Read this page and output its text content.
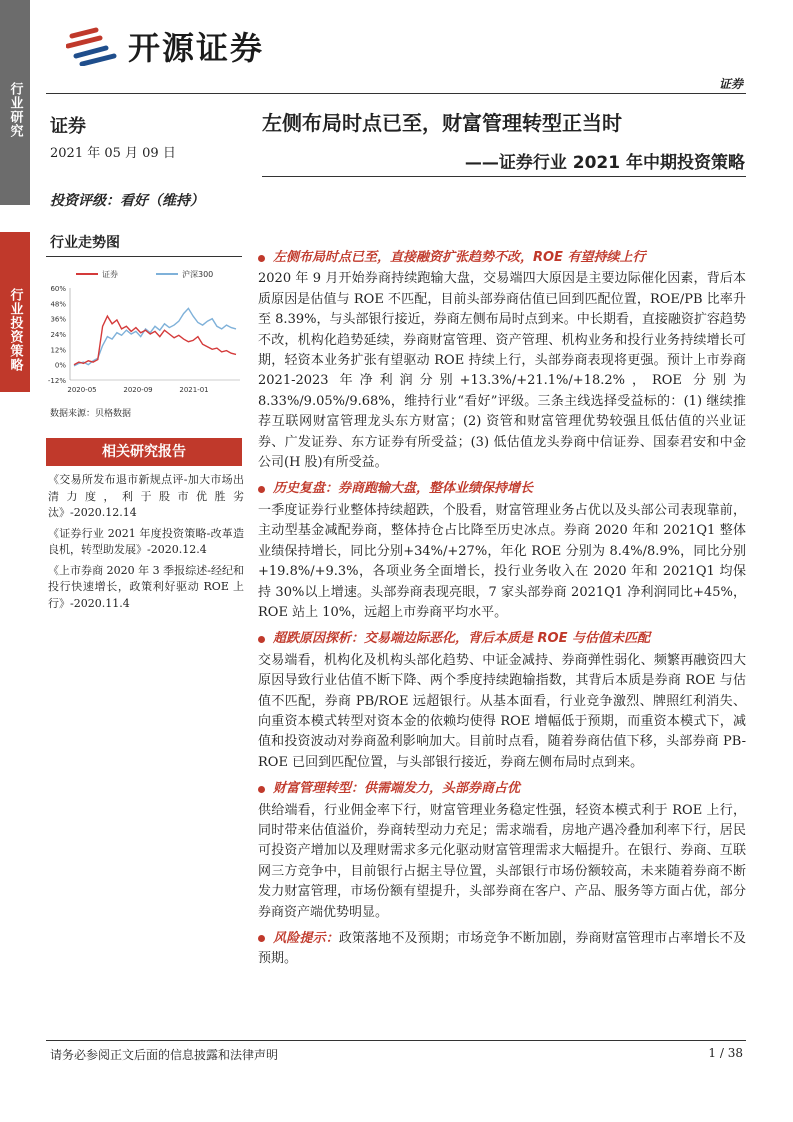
行业研究
行业投资策略
开源证券
证券
证券
2021 年 05 月 09 日
左侧布局时点已至，财富管理转型正当时
——证券行业 2021 年中期投资策略
投资评级：看好（维持）
行业走势图
证券	沪深300
60%
48%
36%
24%
12%
0%
-12%
2020-05	2020-09	2021-01
数据来源：贝格数据
相关研究报告
《交易所发布退市新规点评-加大市场出清力度，利于股市优胜劣汰》-2020.12.14
《证券行业 2021 年度投资策略-改革造良机，转型助发展》-2020.12.4
《上市券商 2020 年 3 季报综述-经纪和投行快速增长，政策利好驱动 ROE 上行》-2020.11.4
左侧布局时点已至，直接融资扩张趋势不改，ROE 有望持续上行

2020 年 9 月开始券商持续跑输大盘，交易端四大原因是主要边际催化因素，背后本质原因是估值与 ROE 不匹配，目前头部券商估值已回到匹配位置，ROE/PB 比率升至 8.39%，与头部银行接近，券商左侧布局时点到来。中长期看，直接融资扩容趋势不改，机构化趋势延续，券商财富管理、资产管理、机构业务和投行业务持续增长可期，轻资本业务扩张有望驱动 ROE 持续上行，头部券商表现将更强。预计上市券商 2021-2023 年净利润分别+13.3%/+21.1%/+18.2%，ROE 分别为 8.33%/9.05%/9.68%，维持行业“看好”评级。三条主线选择受益标的：(1) 继续推荐互联网财富管理龙头东方财富；(2) 资管和财富管理优势较强且低估值的兴业证券、广发证券、东方证券有所受益；(3) 低估值龙头券商中信证券、国泰君安和中金公司(H 股)有所受益。

历史复盘：券商跑输大盘，整体业绩保持增长

一季度证券行业整体持续超跌，个股看，财富管理业务占优以及头部公司表现靠前，主动型基金减配券商，整体持仓占比降至历史冰点。券商 2020 年和 2021Q1 整体业绩保持增长，同比分别+34%/+27%，年化 ROE 分别为 8.4%/8.9%，同比分别+19.8%/+9.3%，各项业务全面增长，投行业务收入在 2020 年和 2021Q1 均保持 30%以上增速。头部券商表现亮眼，7 家头部券商 2021Q1 净利润同比+45%，ROE 站上 10%，远超上市券商平均水平。

超跌原因探析：交易端边际恶化，背后本质是 ROE 与估值未匹配

交易端看，机构化及机构头部化趋势、中证金减持、券商弹性弱化、频繁再融资四大原因导致行业估值不断下降、两个季度持续跑输指数，其背后本质是券商 ROE 与估值不匹配，券商 PB/ROE 远超银行。从基本面看，行业竞争激烈、牌照红利消失、向重资本模式转型对资本金的依赖均使得 ROE 增幅低于预期，而重资本模式下，减值和投资波动对券商盈利影响加大。目前时点看，随着券商估值下移，头部券商 PB-ROE 已回到匹配位置，与头部银行接近，券商左侧布局时点到来。

财富管理转型：供需端发力，头部券商占优

供给端看，行业佣金率下行，财富管理业务稳定性强，轻资本模式利于 ROE 上行，同时带来估值溢价，券商转型动力充足；需求端看，房地产遇冷叠加利率下行，居民可投资产增加以及理财需求多元化驱动财富管理需求大幅提升。在银行、券商、互联网三方竞争中，目前银行占据主导位置，头部银行市场份额较高，未来随着券商不断发力财富管理，市场份额有望提升，头部券商在客户、产品、服务等方面占优，部分券商资产端优势明显。

风险提示：政策落地不及预期；市场竞争不断加剧，券商财富管理市占率增长不及预期。

请务必参阅正文后面的信息披露和法律声明	1 / 38
